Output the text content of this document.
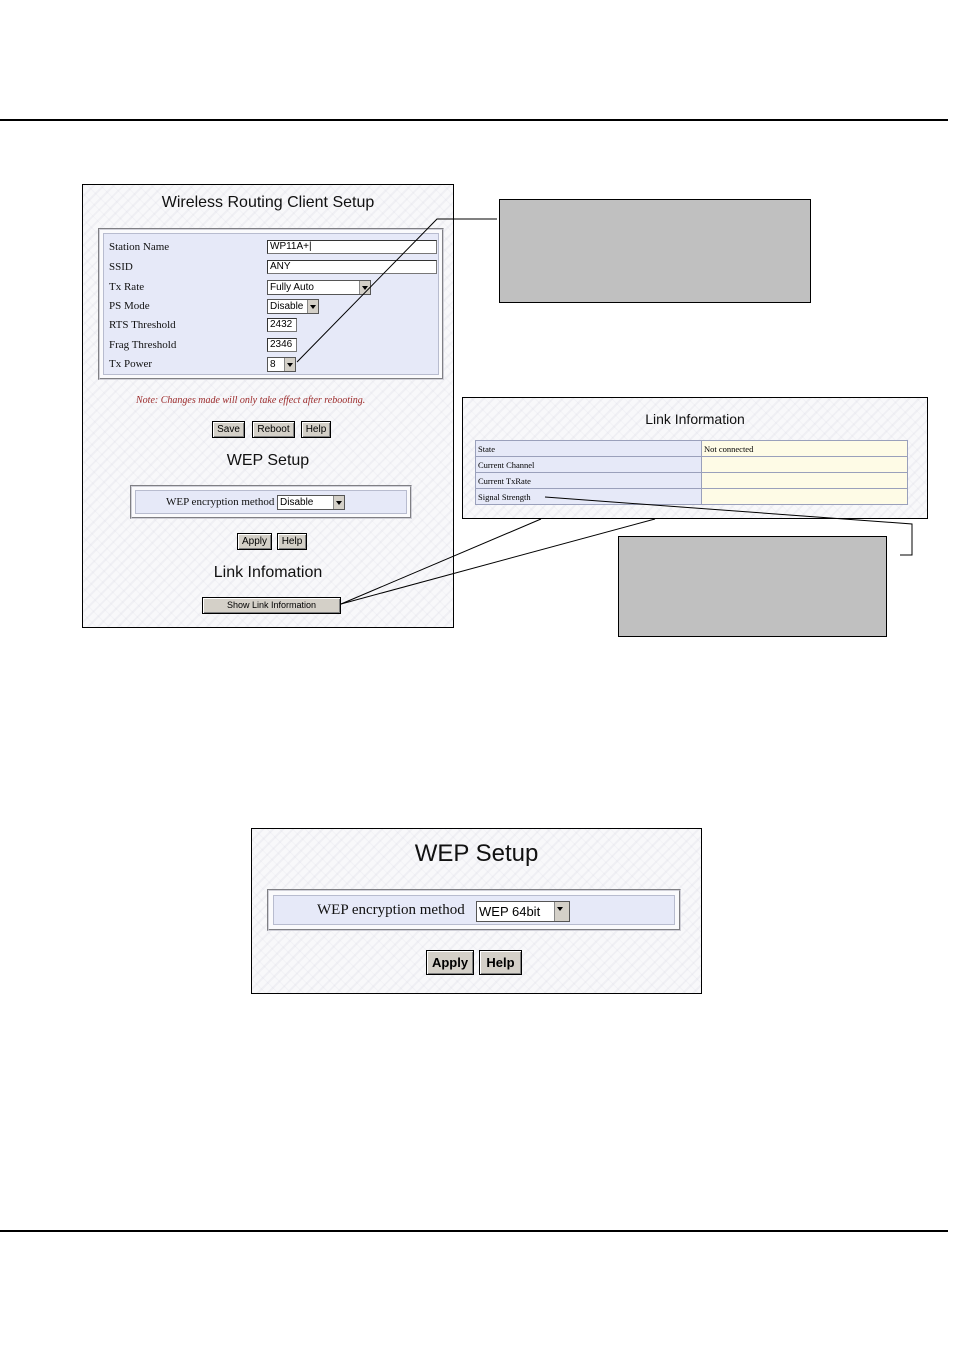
Wireless Routing Client Setup
Station Name	WP11A+|
SSID	ANY
Tx Rate	Fully Auto
PS Mode	Disable
RTS Threshold	2432
Frag Threshold	2346
Tx Power	8
Note: Changes made will only take effect after rebooting.
Save	Reboot	Help
WEP Setup
WEP encryption method Disable
Apply	Help
Link Infomation
Show Link Information
Link Information
State	Not connected
Current Channel	
Current TxRate	
Signal Strength	
WEP Setup
WEP encryption method WEP 64bit
Apply	Help
